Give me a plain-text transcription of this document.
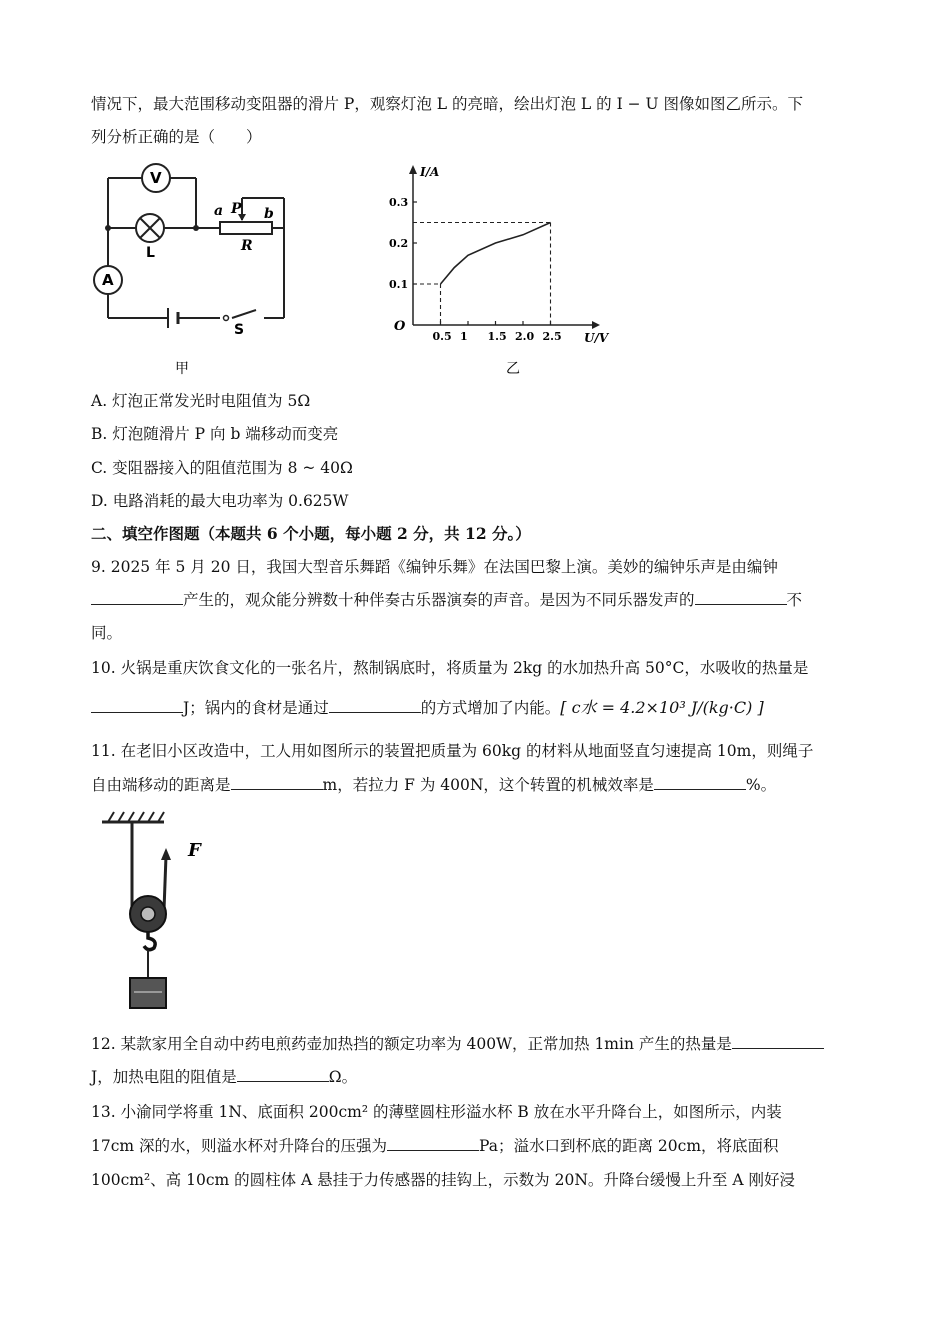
情况下，最大范围移动变阻器的滑片 P，观察灯泡 L 的亮暗，绘出灯泡 L 的 I − U 图像如图乙所示。下
列分析正确的是（　　）
V
A
L
P
a	b
R
S
甲
0.1
0.2
0.3
0.5 1 1.5 2.0 2.5
I/A
U/V
O
乙
A. 灯泡正常发光时电阻值为 5Ω
B. 灯泡随滑片 P 向 b 端移动而变亮
C. 变阻器接入的阻值范围为 8 ~ 40Ω
D. 电路消耗的最大电功率为 0.625W
二、填空作图题（本题共 6 个小题，每小题 2 分，共 12 分。）
9. 2025 年 5 月 20 日，我国大型音乐舞蹈《编钟乐舞》在法国巴黎上演。美妙的编钟乐声是由编钟
产生的，观众能分辨数十种伴奏古乐器演奏的声音。是因为不同乐器发声的	不
同。
10. 火锅是重庆饮食文化的一张名片，熬制锅底时，将质量为 2kg 的水加热升高 50°C，水吸收的热量是
J；锅内的食材是通过	的方式增加了内能。[ c水 = 4.2×10³ J/(kg·C) ]
11. 在老旧小区改造中，工人用如图所示的装置把质量为 60kg 的材料从地面竖直匀速提高 10m，则绳子
自由端移动的距离是	m，若拉力 F 为 400N，这个转置的机械效率是	%。
F
12. 某款家用全自动中药电煎药壶加热挡的额定功率为 400W，正常加热 1min 产生的热量是
J，加热电阻的阻值是	Ω。
13. 小渝同学将重 1N、底面积 200cm² 的薄壁圆柱形溢水杯 B 放在水平升降台上，如图所示，内装
17cm 深的水，则溢水杯对升降台的压强为	Pa；溢水口到杯底的距离 20cm，将底面积
100cm²、高 10cm 的圆柱体 A 悬挂于力传感器的挂钩上，示数为 20N。升降台缓慢上升至 A 刚好浸
